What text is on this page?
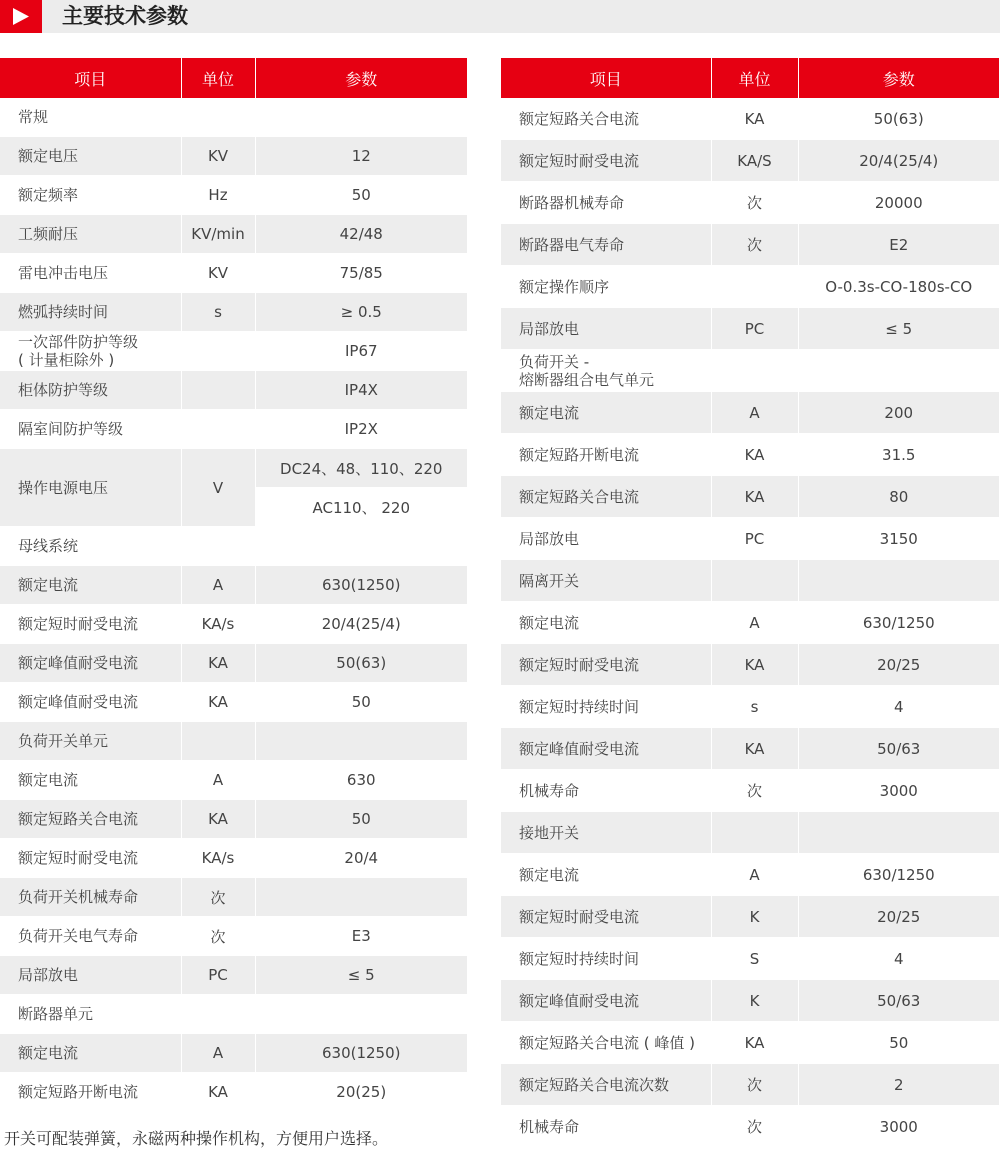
主要技术参数
项目	单位	参数
常规		
额定电压	KV	12
额定频率	Hz	50
工频耐压	KV/min	42/48
雷电冲击电压	KV	75/85
燃弧持续时间	s	≥ 0.5
一次部件防护等级
( 计量柜除外 )		IP67
柜体防护等级		IP4X
隔室间防护等级		IP2X
操作电源电压	V	DC24、48、110、220
		AC110、 220
母线系统		
额定电流	A	630(1250)
额定短时耐受电流	KA/s	20/4(25/4)
额定峰值耐受电流	KA	50(63)
额定峰值耐受电流	KA	50
负荷开关单元		
额定电流	A	630
额定短路关合电流	KA	50
额定短时耐受电流	KA/s	20/4
负荷开关机械寿命	次	
负荷开关电气寿命	次	E3
局部放电	PC	≤ 5
断路器单元		
额定电流	A	630(1250)
额定短路开断电流	KA	20(25)
项目	单位	参数
额定短路关合电流	KA	50(63)
额定短时耐受电流	KA/S	20/4(25/4)
断路器机械寿命	次	20000
断路器电气寿命	次	E2
额定操作顺序		O-0.3s-CO-180s-CO
局部放电	PC	≤ 5
负荷开关 -
熔断器组合电气单元		
额定电流	A	200
额定短路开断电流	KA	31.5
额定短路关合电流	KA	80
局部放电	PC	3150
隔离开关		
额定电流	A	630/1250
额定短时耐受电流	KA	20/25
额定短时持续时间	s	4
额定峰值耐受电流	KA	50/63
机械寿命	次	3000
接地开关		
额定电流	A	630/1250
额定短时耐受电流	K	20/25
额定短时持续时间	S	4
额定峰值耐受电流	K	50/63
额定短路关合电流 ( 峰值 )	KA	50
额定短路关合电流次数	次	2
机械寿命	次	3000
开关可配装弹簧，永磁两种操作机构，方便用户选择。
